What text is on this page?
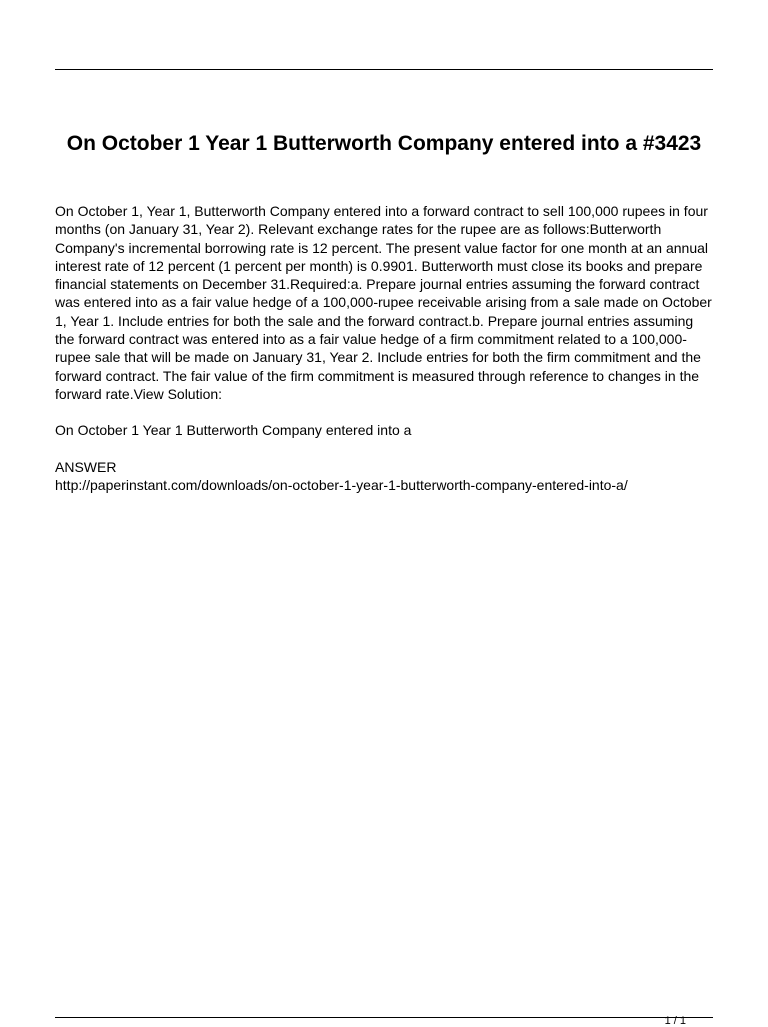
On October 1 Year 1 Butterworth Company entered into a #3423

On October 1, Year 1, Butterworth Company entered into a forward contract to sell 100,000 rupees in four months (on January 31, Year 2). Relevant exchange rates for the rupee are as follows:Butterworth Company's incremental borrowing rate is 12 percent. The present value factor for one month at an annual interest rate of 12 percent (1 percent per month) is 0.9901. Butterworth must close its books and prepare financial statements on December 31.Required:a. Prepare journal entries assuming the forward contract was entered into as a fair value hedge of a 100,000-rupee receivable arising from a sale made on October 1, Year 1. Include entries for both the sale and the forward contract.b. Prepare journal entries assuming the forward contract was entered into as a fair value hedge of a firm commitment related to a 100,000-rupee sale that will be made on January 31, Year 2. Include entries for both the firm commitment and the forward contract. The fair value of the firm commitment is measured through reference to changes in the forward rate.View Solution:

On October 1 Year 1 Butterworth Company entered into a

ANSWER

http://paperinstant.com/downloads/on-october-1-year-1-butterworth-company-entered-into-a/

1 / 1
